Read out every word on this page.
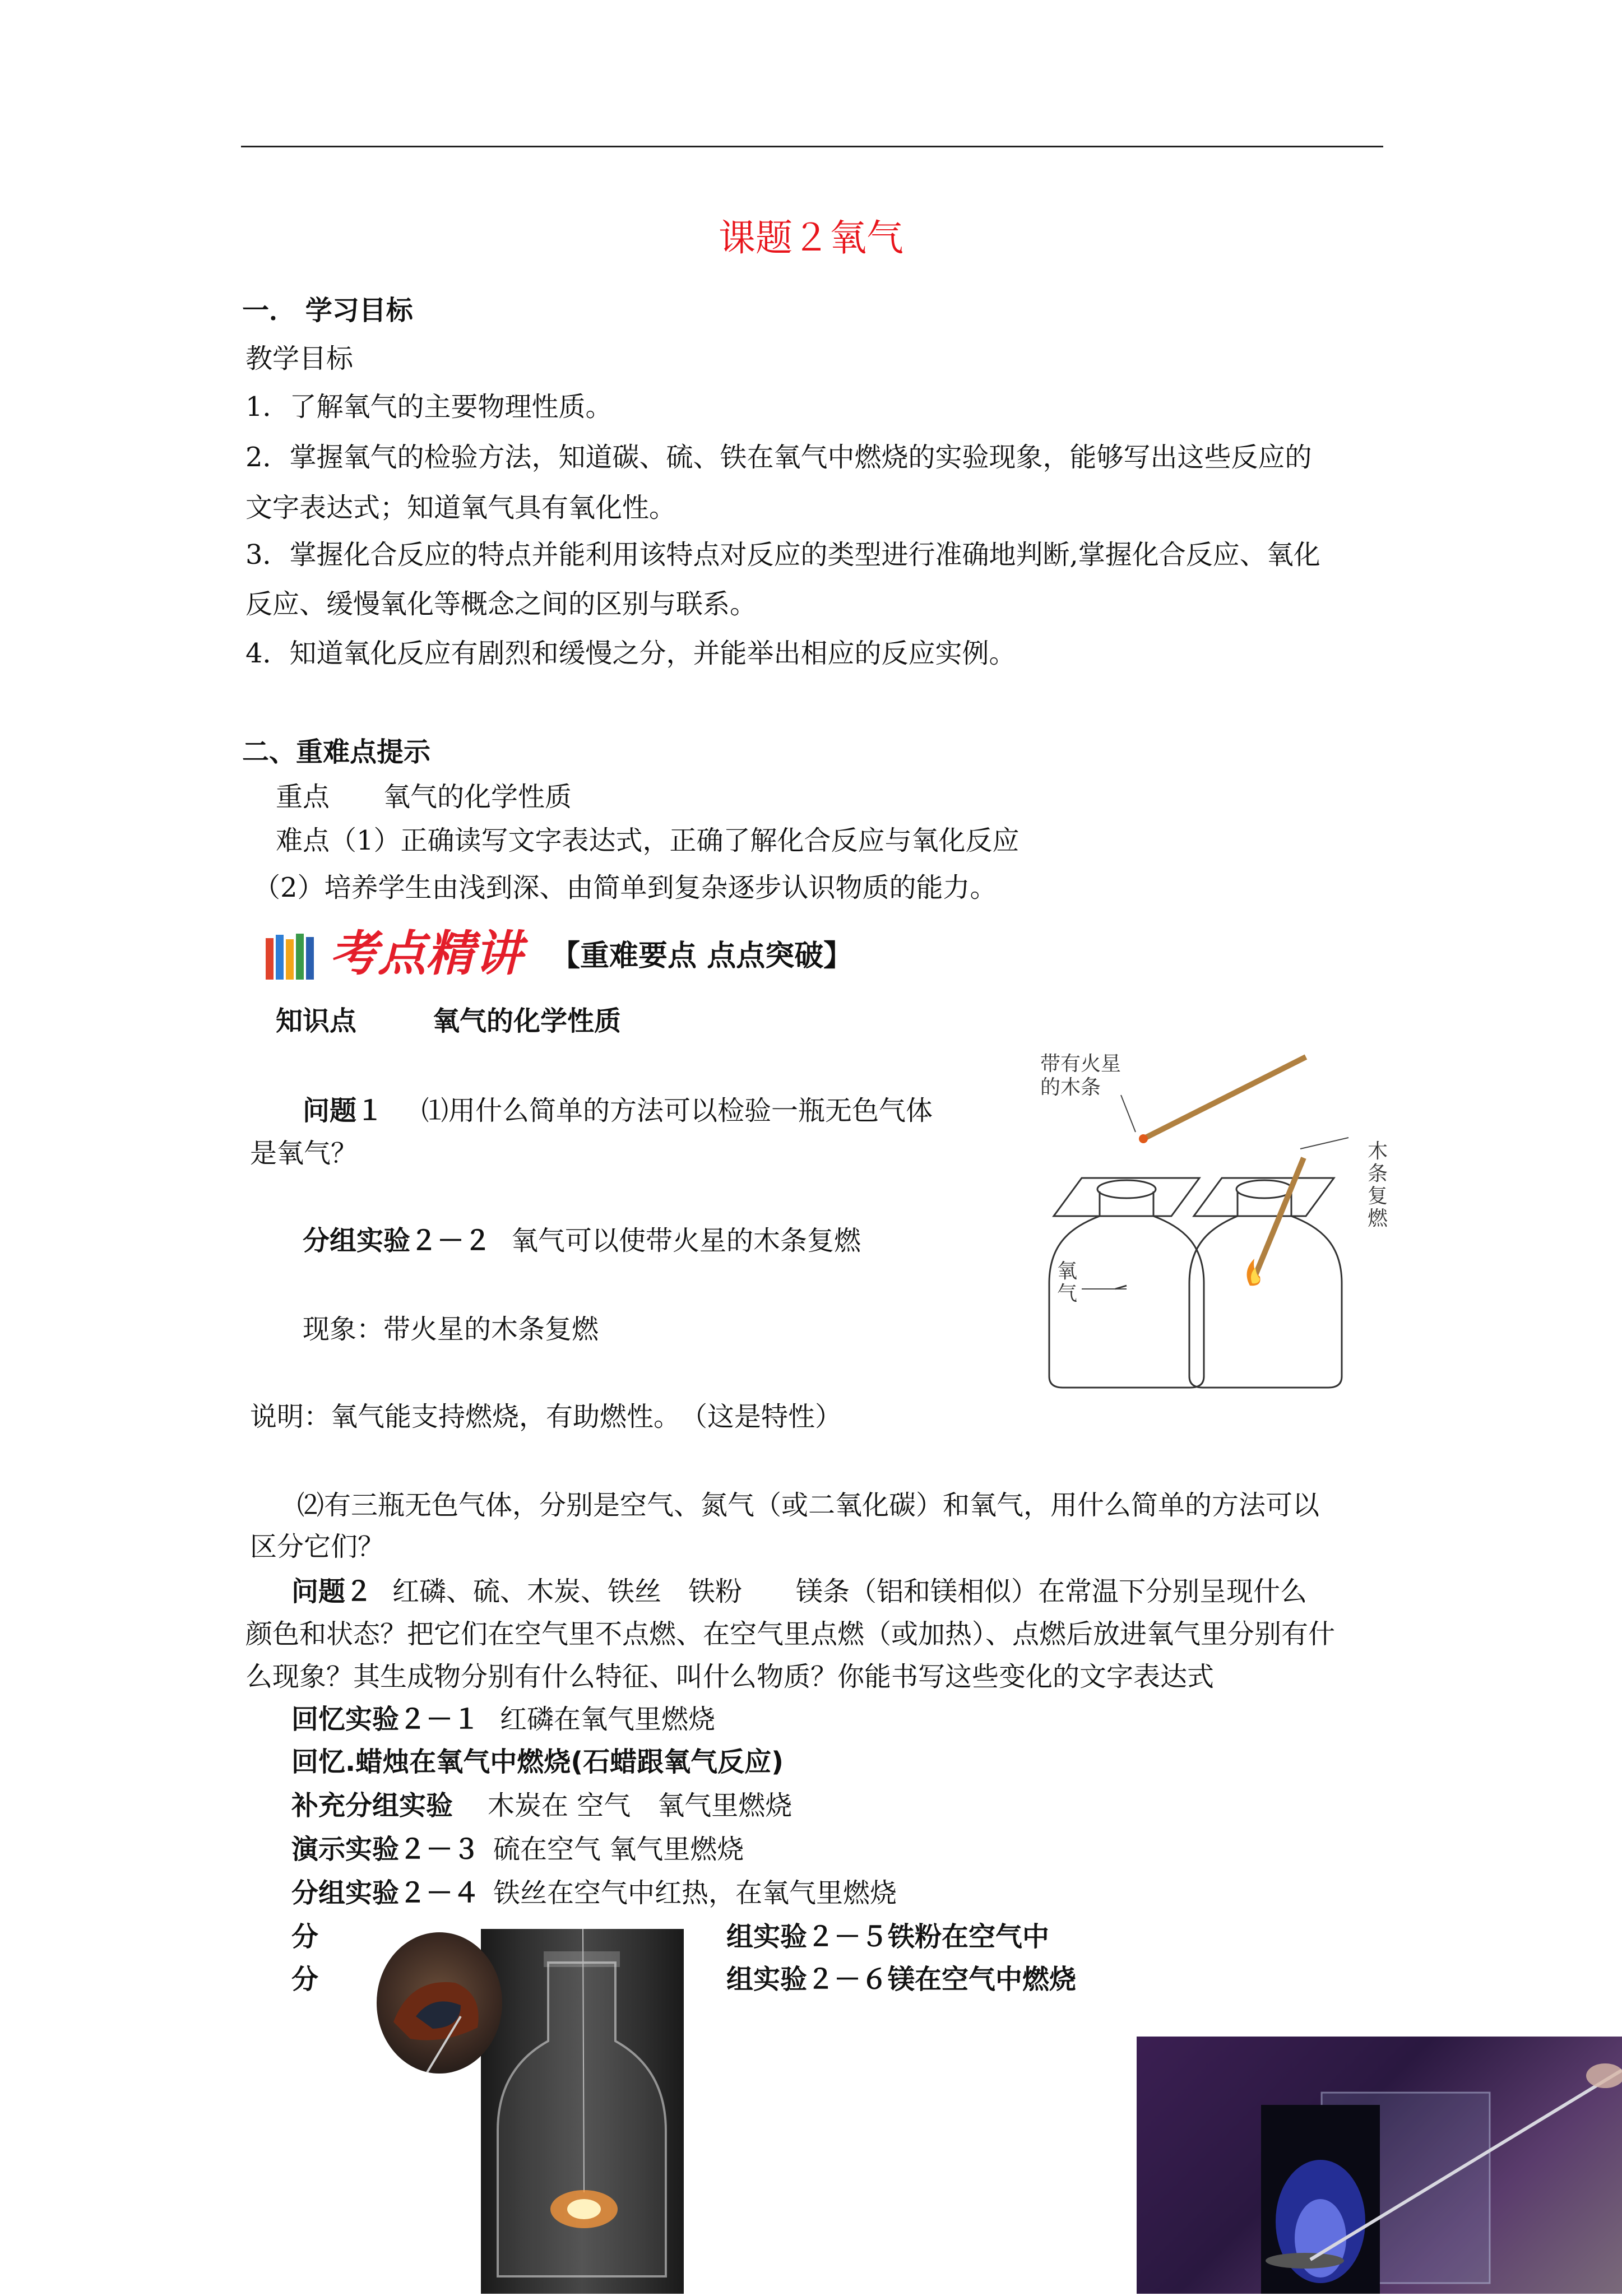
课题２氧气
一． 学习目标
教学目标
1．了解氧气的主要物理性质。
2．掌握氧气的检验方法，知道碳、硫、铁在氧气中燃烧的实验现象，能够写出这些反应的
文字表达式；知道氧气具有氧化性。
3．掌握化合反应的特点并能利用该特点对反应的类型进行准确地判断,掌握化合反应、氧化
反应、缓慢氧化等概念之间的区别与联系。
4．知道氧化反应有剧烈和缓慢之分，并能举出相应的反应实例。
二、重难点提示
重点　　氧气的化学性质
难点（1）正确读写文字表达式，正确了解化合反应与氧化反应
（2）培养学生由浅到深、由简单到复杂逐步认识物质的能力。
考点精讲 【重难要点 点点突破】
知识点	氧气的化学性质
问题１ ⑴用什么简单的方法可以检验一瓶无色气体
是氧气？
分组实验２－２ 氧气可以使带火星的木条复燃
现象：带火星的木条复燃
说明：氧气能支持燃烧，有助燃性。　（这是特性）
带有火星
的木条
氧
气
木
条
复
燃
⑵有三瓶无色气体，分别是空气、氮气（或二氧化碳）和氧气，用什么简单的方法可以
区分它们？
问题２ 红磷、硫、木炭、铁丝　铁粉　　镁条（铝和镁相似）在常温下分别呈现什么
颜色和状态？把它们在空气里不点燃、在空气里点燃（或加热）、点燃后放进氧气里分别有什
么现象？其生成物分别有什么特征、叫什么物质？你能书写这些变化的文字表达式
回忆实验２－１ 红磷在氧气里燃烧
回忆.蜡烛在氧气中燃烧(石蜡跟氧气反应)
补充分组实验 木炭在 空气　氧气里燃烧
演示实验２－３ 硫在空气 氧气里燃烧
分组实验２－４ 铁丝在空气中红热，在氧气里燃烧
分	组实验２－５铁粉在空气中
分	组实验２－６镁在空气中燃烧
